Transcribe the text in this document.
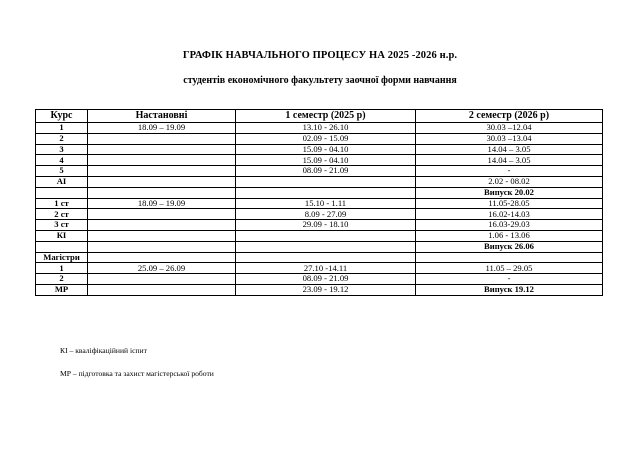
ГРАФІК НАВЧАЛЬНОГО ПРОЦЕСУ НА 2025 -2026 н.р.
студентів економічного факультету заочної форми навчання
Курс	Настановні	1 семестр (2025 р)	2 семестр (2026 р)
1	18.09 – 19.09	13.10 - 26.10	30.03 –12.04
2		02.09 - 15.09	30.03 –13.04
3		15.09 - 04.10	14.04 – 3.05
4		15.09 - 04.10	14.04 – 3.05
5		08.09 - 21.09	-
АІ			2.02 - 08.02
			Випуск 20.02
1 ст	18.09 – 19.09	15.10 - 1.11	11.05-28.05
2 ст		8.09 - 27.09	16.02-14.03
3 ст		29.09 - 18.10	16.03-29.03
КІ			1.06 - 13.06
			Випуск 26.06
Магістри			
1	25.09 – 26.09	27.10 -14.11	11.05 – 29.05
2		08.09 - 21.09	-
МР		23.09 - 19.12	Випуск 19.12
КІ – кваліфікаційний іспит
МР – підготовка та захист магістерської роботи
